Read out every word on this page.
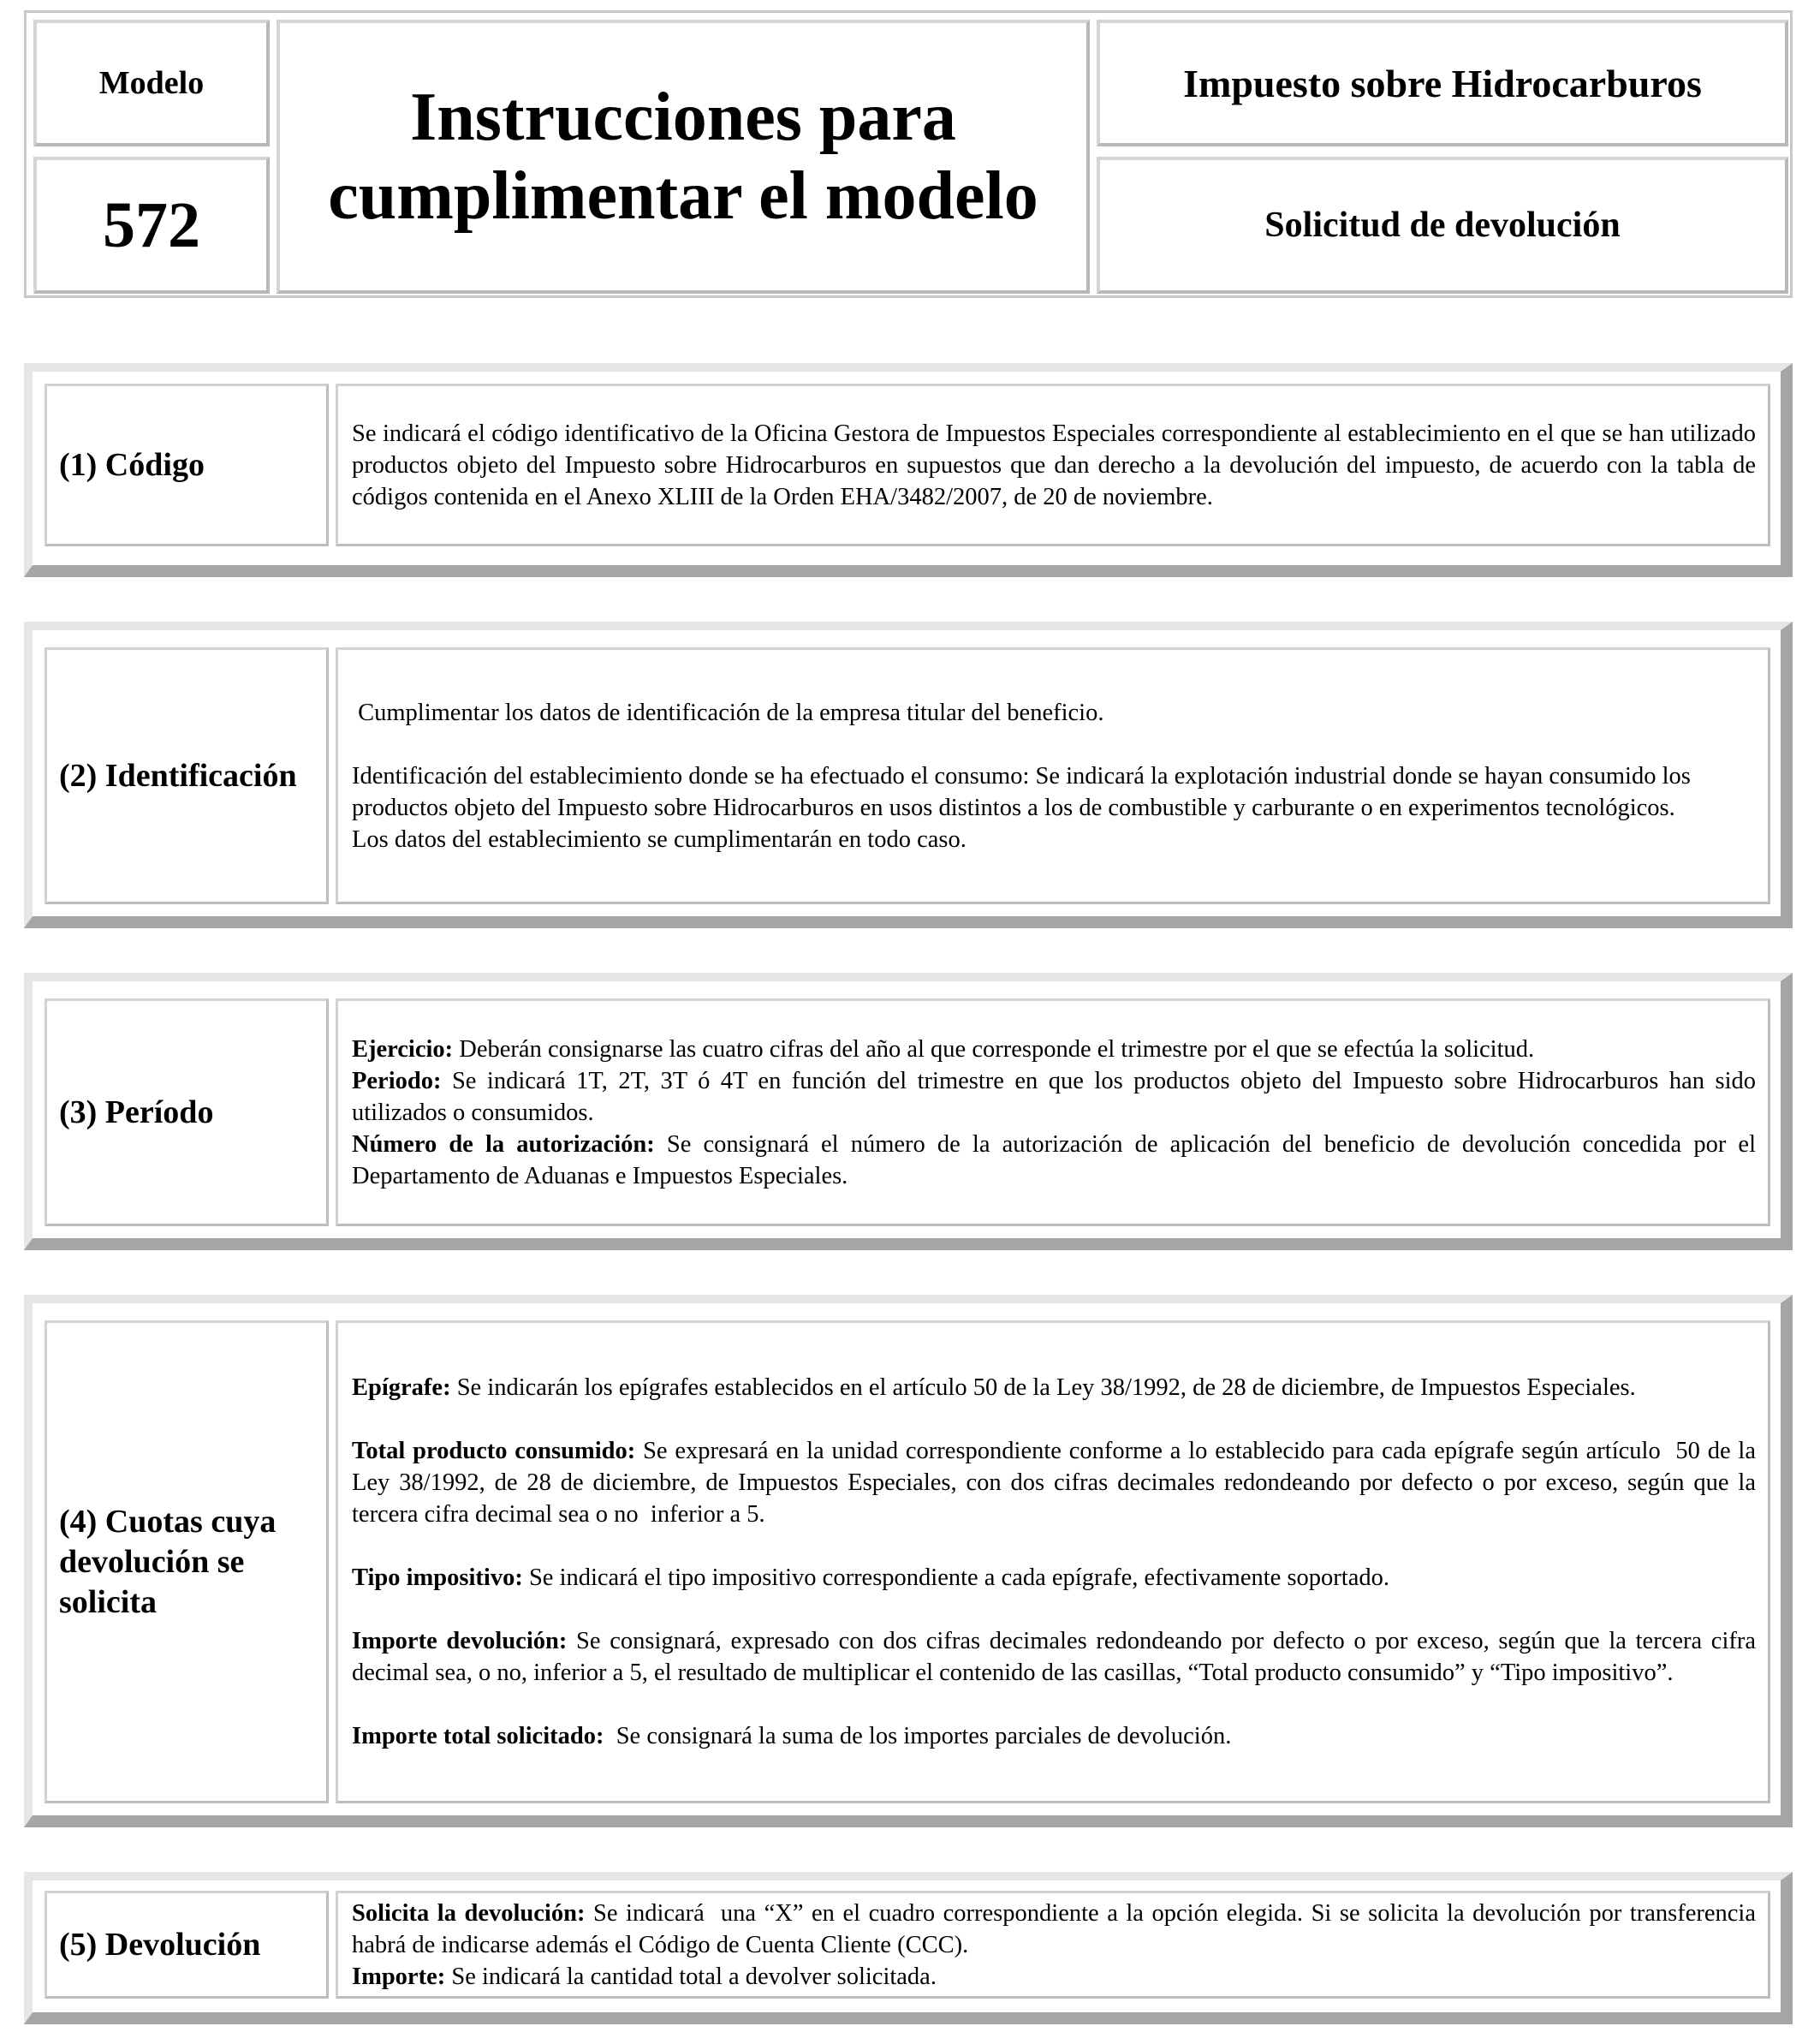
Modelo
572
Instrucciones para
cumplimentar el modelo
Impuesto sobre Hidrocarburos
Solicitud de devolución
(1) Código

Se indicará el código identificativo de la Oficina Gestora de Impuestos Especiales correspondiente al establecimiento en el que se han utilizado productos objeto del Impuesto sobre Hidrocarburos en supuestos que dan derecho a la devolución del impuesto, de acuerdo con la tabla de códigos contenida en el Anexo XLIII de la Orden EHA/3482/2007, de 20 de noviembre.

(2) Identificación

Cumplimentar los datos de identificación de la empresa titular del beneficio.

Identificación del establecimiento donde se ha efectuado el consumo: Se indicará la explotación industrial donde se hayan consumido los productos objeto del Impuesto sobre Hidrocarburos en usos distintos a los de combustible y carburante o en experimentos tecnológicos.

Los datos del establecimiento se cumplimentarán en todo caso.

(3) Período

Ejercicio: Deberán consignarse las cuatro cifras del año al que corresponde el trimestre por el que se efectúa la solicitud.

Periodo: Se indicará 1T, 2T, 3T ó 4T en función del trimestre en que los productos objeto del Impuesto sobre Hidrocarburos han sido utilizados o consumidos.

Número de la autorización: Se consignará el número de la autorización de aplicación del beneficio de devolución concedida por el Departamento de Aduanas e Impuestos Especiales.

(4) Cuotas cuya
devolución se
solicita

Epígrafe: Se indicarán los epígrafes establecidos en el artículo 50 de la Ley 38/1992, de 28 de diciembre, de Impuestos Especiales.

Total producto consumido: Se expresará en la unidad correspondiente conforme a lo establecido para cada epígrafe según artículo  50 de la Ley 38/1992, de 28 de diciembre, de Impuestos Especiales, con dos cifras decimales redondeando por defecto o por exceso, según que la tercera cifra decimal sea o no  inferior a 5.

Tipo impositivo: Se indicará el tipo impositivo correspondiente a cada epígrafe, efectivamente soportado.

Importe devolución: Se consignará, expresado con dos cifras decimales redondeando por defecto o por exceso, según que la tercera cifra decimal sea, o no, inferior a 5, el resultado de multiplicar el contenido de las casillas, “Total producto consumido” y “Tipo impositivo”.

Importe total solicitado:  Se consignará la suma de los importes parciales de devolución.

(5) Devolución

Solicita la devolución: Se indicará  una “X” en el cuadro correspondiente a la opción elegida. Si se solicita la devolución por transferencia habrá de indicarse además el Código de Cuenta Cliente (CCC).

Importe: Se indicará la cantidad total a devolver solicitada.
